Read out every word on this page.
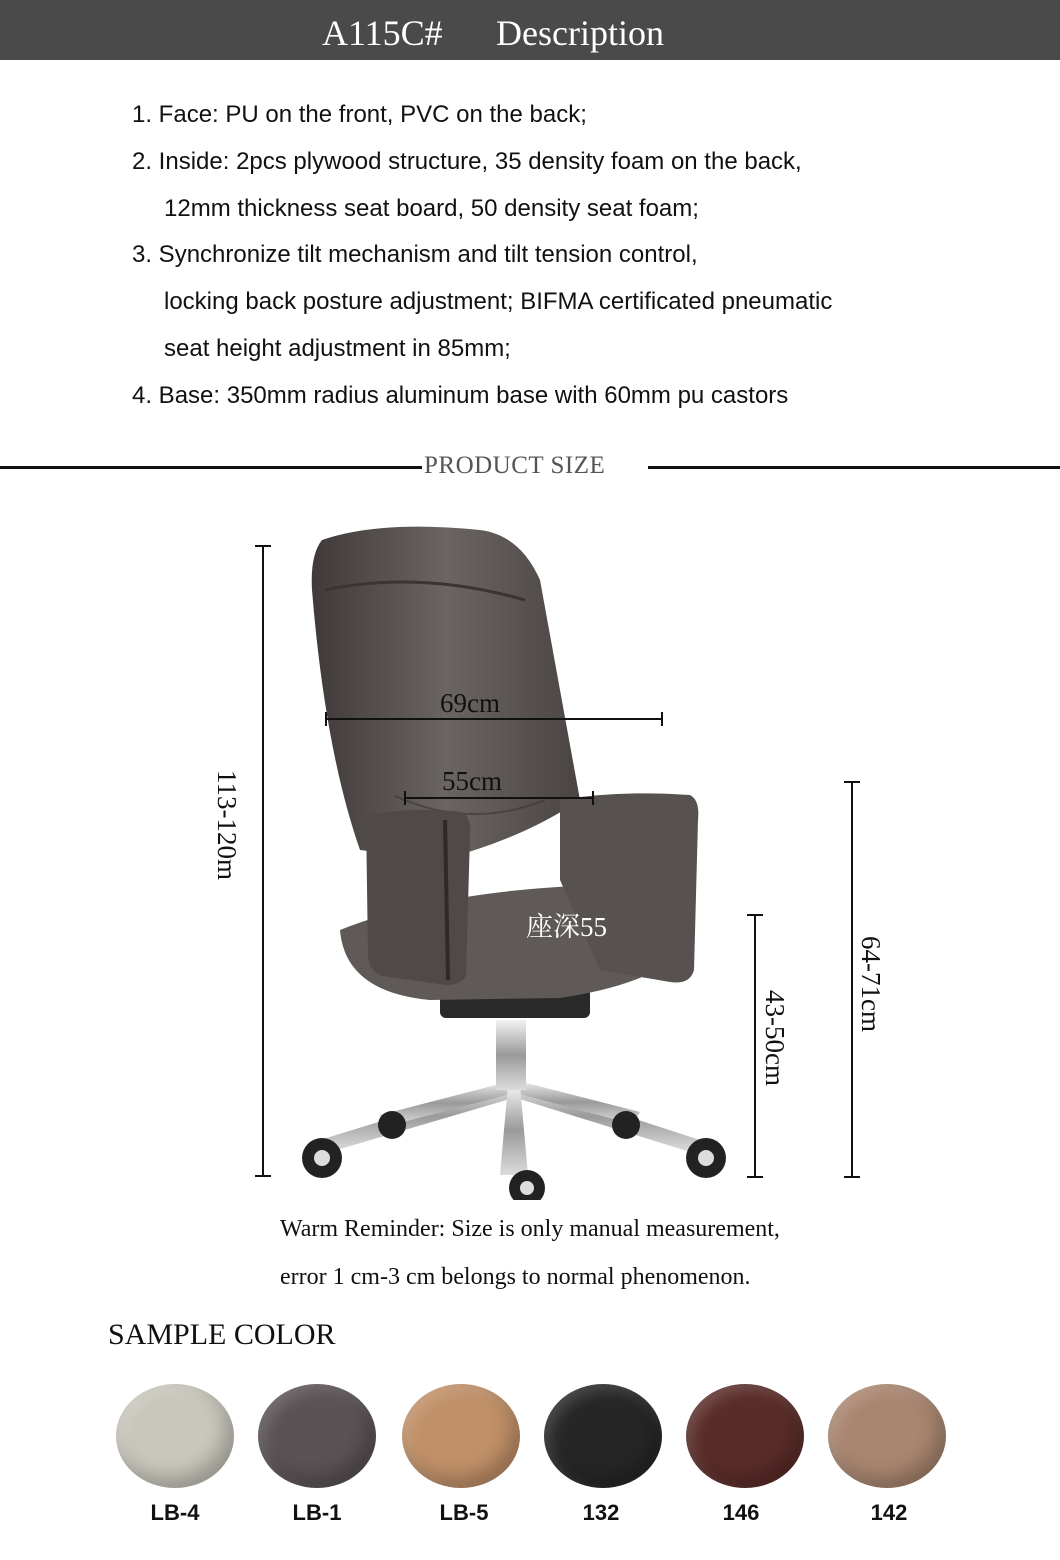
A115C# Description
1. Face: PU on the front, PVC on the back;
2. Inside: 2pcs plywood structure, 35 density foam on the back,
12mm thickness seat board, 50 density seat foam;
3. Synchronize tilt mechanism and tilt tension control,
locking back posture adjustment; BIFMA certificated pneumatic
seat height adjustment in 85mm;
4. Base: 350mm radius aluminum base with 60mm pu castors
PRODUCT SIZE
113-120m
69cm
55cm
座深55
43-50cm
64-71cm
Warm Reminder: Size is only manual measurement,
error 1 cm-3 cm belongs to normal phenomenon.
SAMPLE COLOR
LB-4	LB-1	LB-5	132	146	142
